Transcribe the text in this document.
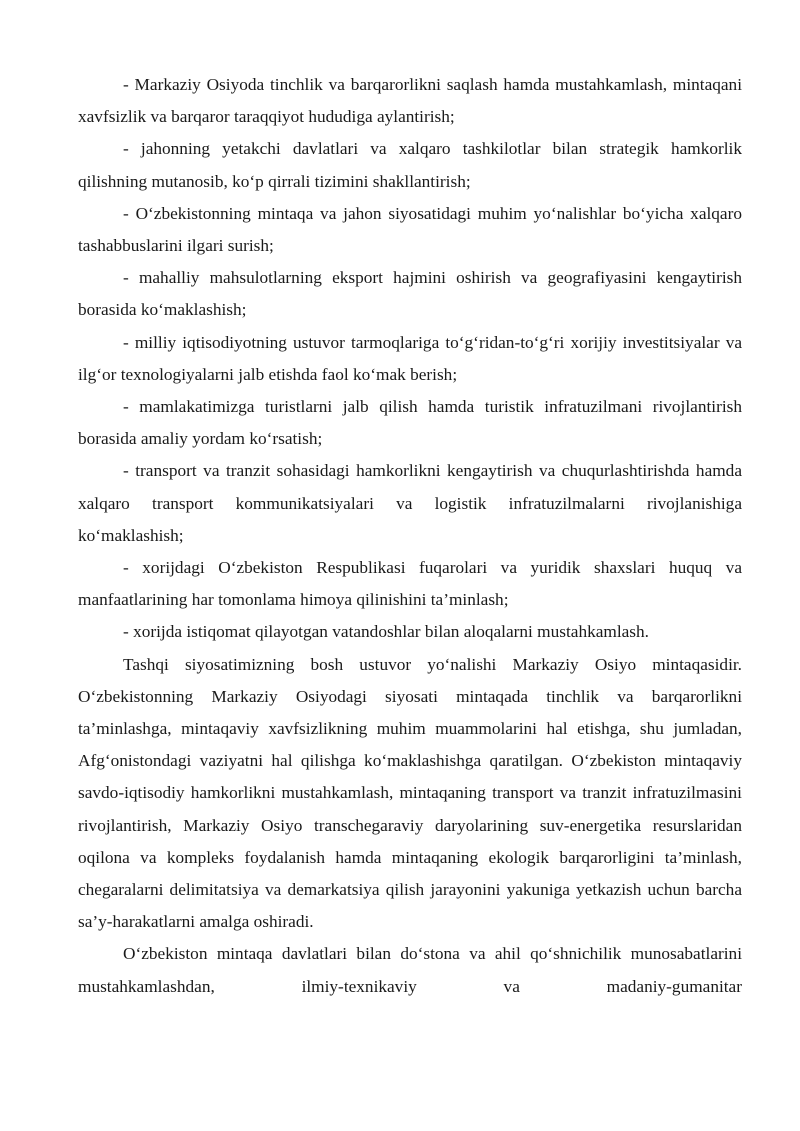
- Markaziy Osiyoda tinchlik va barqarorlikni saqlash hamda mustahkamlash, mintaqani xavfsizlik va barqaror taraqqiyot hududiga aylantirish;

- jahonning yetakchi davlatlari va xalqaro tashkilotlar bilan strategik hamkorlik qilishning mutanosib, ko‘p qirrali tizimini shakllantirish;

- O‘zbekistonning mintaqa va jahon siyosatidagi muhim yo‘nalishlar bo‘yicha xalqaro tashabbuslarini ilgari surish;

- mahalliy mahsulotlarning eksport hajmini oshirish va geografiyasini kengaytirish borasida ko‘maklashish;

- milliy iqtisodiyotning ustuvor tarmoqlariga to‘g‘ridan-to‘g‘ri xorijiy investitsiyalar va ilg‘or texnologiyalarni jalb etishda faol ko‘mak berish;

- mamlakatimizga turistlarni jalb qilish hamda turistik infratuzilmani rivojlantirish borasida amaliy yordam ko‘rsatish;

- transport va tranzit sohasidagi hamkorlikni kengaytirish va chuqurlashtirishda hamda xalqaro transport kommunikatsiyalari va logistik infratuzilmalarni rivojlanishiga ko‘maklashish;

- xorijdagi O‘zbekiston Respublikasi fuqarolari va yuridik shaxslari huquq va manfaatlarining har tomonlama himoya qilinishini ta’minlash;

- xorijda istiqomat qilayotgan vatandoshlar bilan aloqalarni mustahkamlash.

Tashqi siyosatimizning bosh ustuvor yo‘nalishi Markaziy Osiyo mintaqasidir. O‘zbekistonning Markaziy Osiyodagi siyosati mintaqada tinchlik va barqarorlikni ta’minlashga, mintaqaviy xavfsizlikning muhim muammolarini hal etishga, shu jumladan, Afg‘onistondagi vaziyatni hal qilishga ko‘maklashishga qaratilgan. O‘zbekiston mintaqaviy savdo-iqtisodiy hamkorlikni mustahkamlash, mintaqaning transport va tranzit infratuzilmasini rivojlantirish, Markaziy Osiyo transchegaraviy daryolarining suv-energetika resurslaridan oqilona va kompleks foydalanish hamda mintaqaning ekologik barqarorligini ta’minlash, chegaralarni delimitatsiya va demarkatsiya qilish jarayonini yakuniga yetkazish uchun barcha sa’y-harakatlarni amalga oshiradi.

O‘zbekiston mintaqa davlatlari bilan do‘stona va ahil qo‘shnichilik munosabatlarini mustahkamlashdan, ilmiy-texnikaviy va madaniy-gumanitar
